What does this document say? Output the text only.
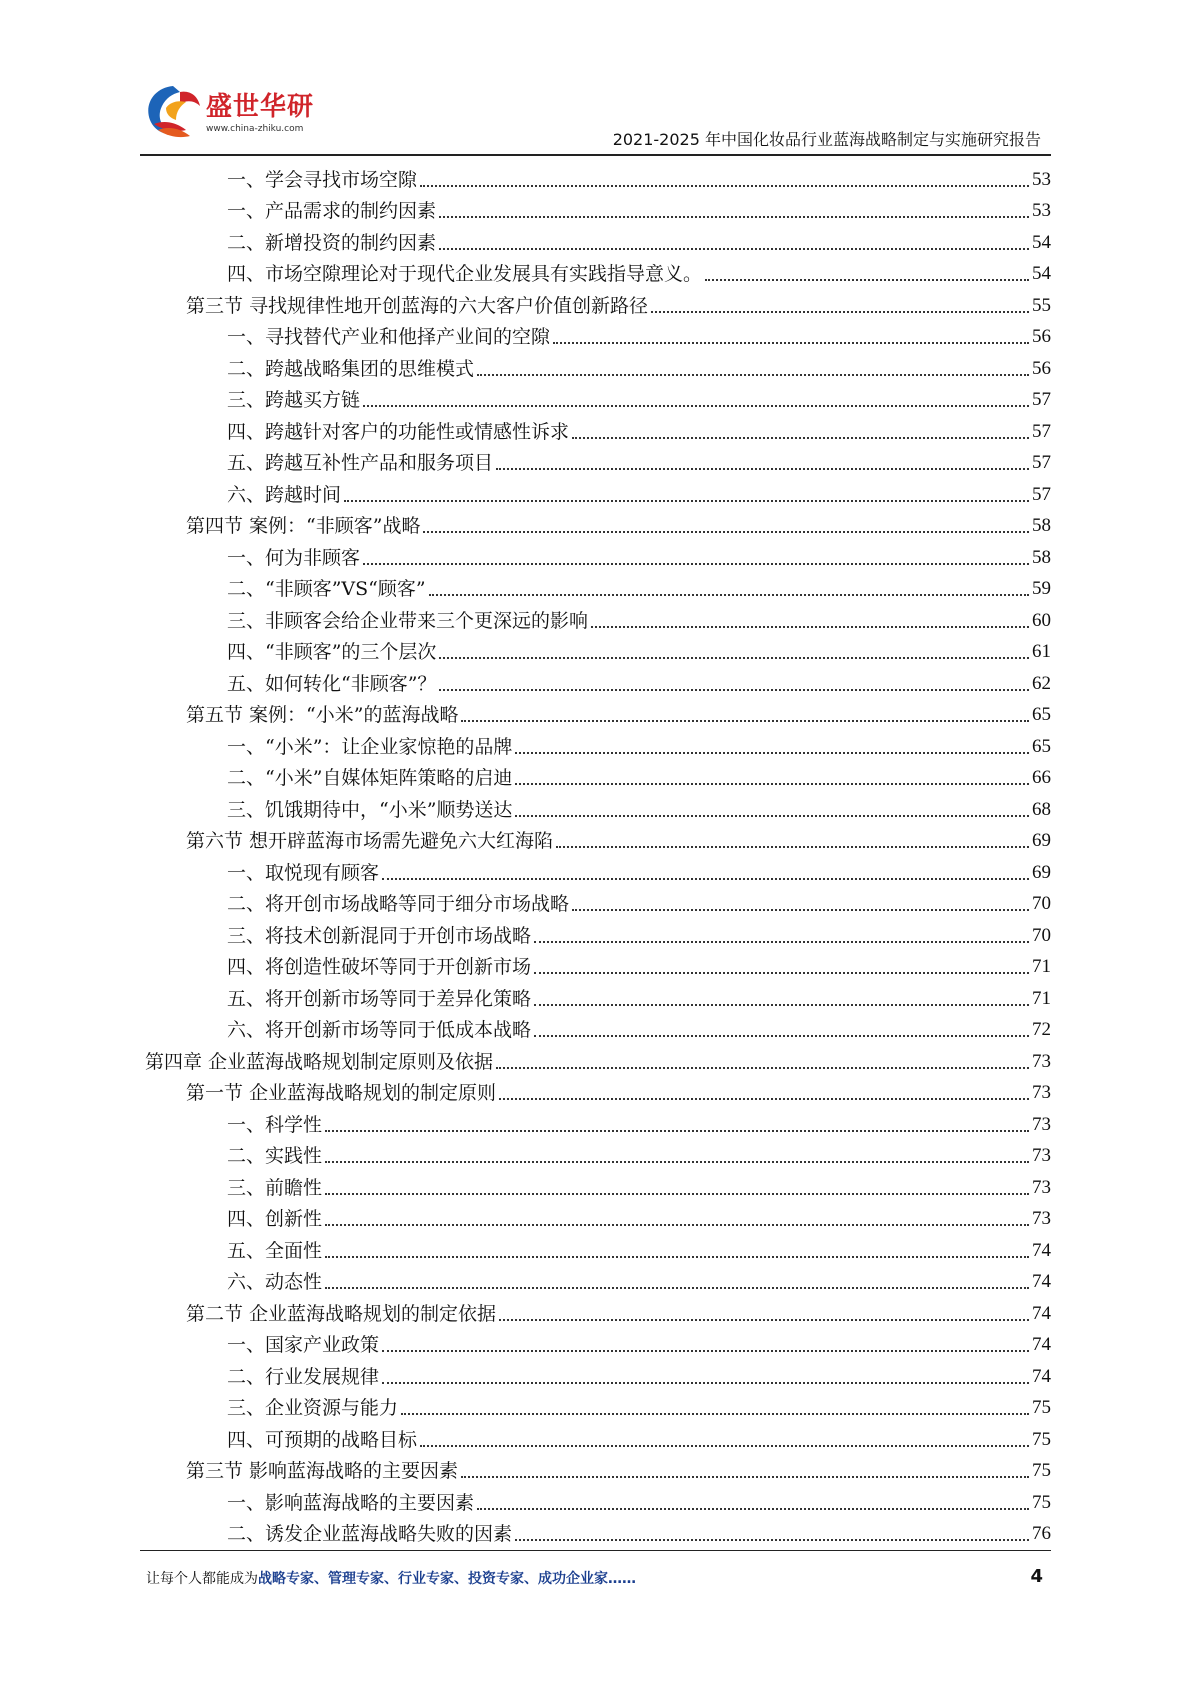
盛世华研
www.china-zhiku.com
2021-2025 年中国化妆品行业蓝海战略制定与实施研究报告
一、学会寻找市场空隙	53
一、产品需求的制约因素	53
二、新增投资的制约因素	54
四、市场空隙理论对于现代企业发展具有实践指导意义。	54
第三节 寻找规律性地开创蓝海的六大客户价值创新路径	55
一、寻找替代产业和他择产业间的空隙	56
二、跨越战略集团的思维模式	56
三、跨越买方链	57
四、跨越针对客户的功能性或情感性诉求	57
五、跨越互补性产品和服务项目	57
六、跨越时间	57
第四节 案例：“非顾客”战略	58
一、何为非顾客	58
二、“非顾客”VS“顾客”	59
三、非顾客会给企业带来三个更深远的影响	60
四、“非顾客”的三个层次	61
五、如何转化“非顾客”？	62
第五节 案例：“小米”的蓝海战略	65
一、“小米”：让企业家惊艳的品牌	65
二、“小米”自媒体矩阵策略的启迪	66
三、饥饿期待中，“小米”顺势送达	68
第六节 想开辟蓝海市场需先避免六大红海陷	69
一、取悦现有顾客	69
二、将开创市场战略等同于细分市场战略	70
三、将技术创新混同于开创市场战略	70
四、将创造性破坏等同于开创新市场	71
五、将开创新市场等同于差异化策略	71
六、将开创新市场等同于低成本战略	72
第四章 企业蓝海战略规划制定原则及依据	73
第一节 企业蓝海战略规划的制定原则	73
一、科学性	73
二、实践性	73
三、前瞻性	73
四、创新性	73
五、全面性	74
六、动态性	74
第二节 企业蓝海战略规划的制定依据	74
一、国家产业政策	74
二、行业发展规律	74
三、企业资源与能力	75
四、可预期的战略目标	75
第三节 影响蓝海战略的主要因素	75
一、影响蓝海战略的主要因素	75
二、诱发企业蓝海战略失败的因素	76
让每个人都能成为战略专家、管理专家、行业专家、投资专家、成功企业家……	4
